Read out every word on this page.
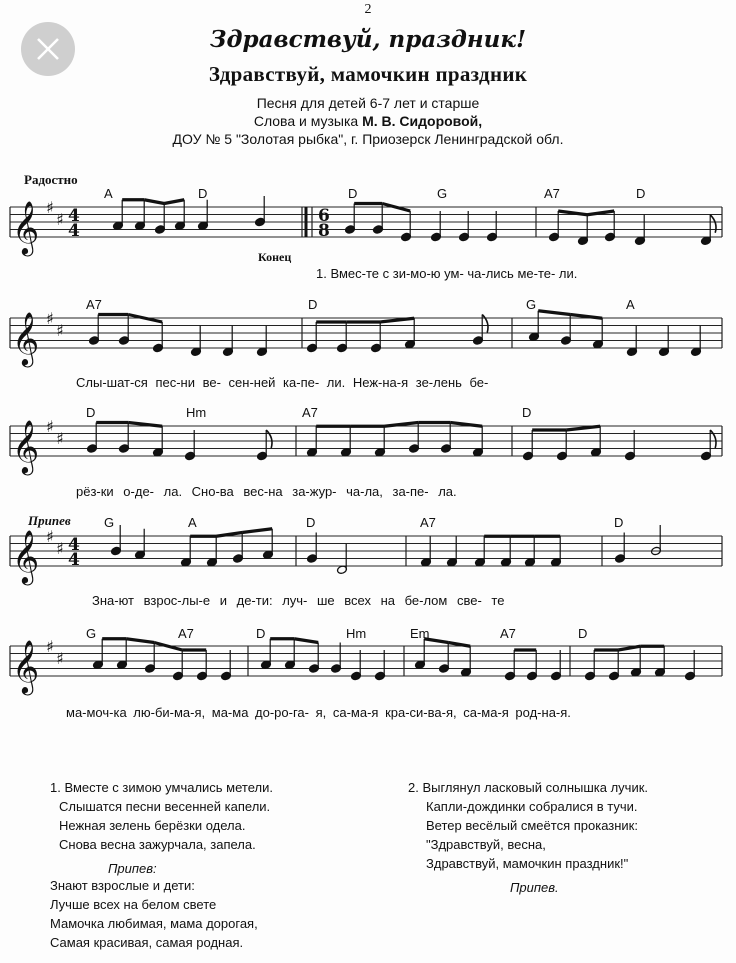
2
Здравствуй, праздник!
Здравствуй, мамочкин праздник
Песня для детей 6-7 лет и старше
Слова и музыка М. В. Сидоровой,
ДОУ № 5 "Золотая рыбка", г. Приозерск Ленинградской обл.
Радостно
Конец
Припев
𝄞 ♯
♯ 4
4
6
8
𝄞 ♯
♯
𝄞 ♯
♯
𝄞 ♯
♯ 4
4
𝄞 ♯
♯
A	D	D	G	A7	D
A7	D	G	A
D	Hm	A7	D
G	A	D	A7	D
G	A7	D	Hm	Em	A7	D
1. Вмес-те с зи-мо-ю ум- ча-лись ме-те- ли.
Слы-шат-ся пес-ни ве- сен-ней ка-пе- ли. Неж-на-я зе-лень бе-
рёз-ки о-де- ла. Сно-ва вес-на за-жур- ча-ла, за-пе- ла.
Зна-ют взрос-лы-е и де-ти: луч- ше всех на бе-лом све- те
ма-моч-ка лю-би-ма-я, ма-ма до-ро-га- я, са-ма-я кра-си-ва-я, са-ма-я род-на-я.
1. Вместе с зимою умчались метели.
Слышатся песни весенней капели.
Нежная зелень берёзки одела.
Снова весна зажурчала, запела.
Припев:
Знают взрослые и дети:
Лучше всех на белом свете
Мамочка любимая, мама дорогая,
Самая красивая, самая родная.
2. Выглянул ласковый солнышка лучик.
Капли-дождинки собралися в тучи.
Ветер весёлый смеётся проказник:
"Здравствуй, весна,
Здравствуй, мамочкин праздник!"
Припев.
